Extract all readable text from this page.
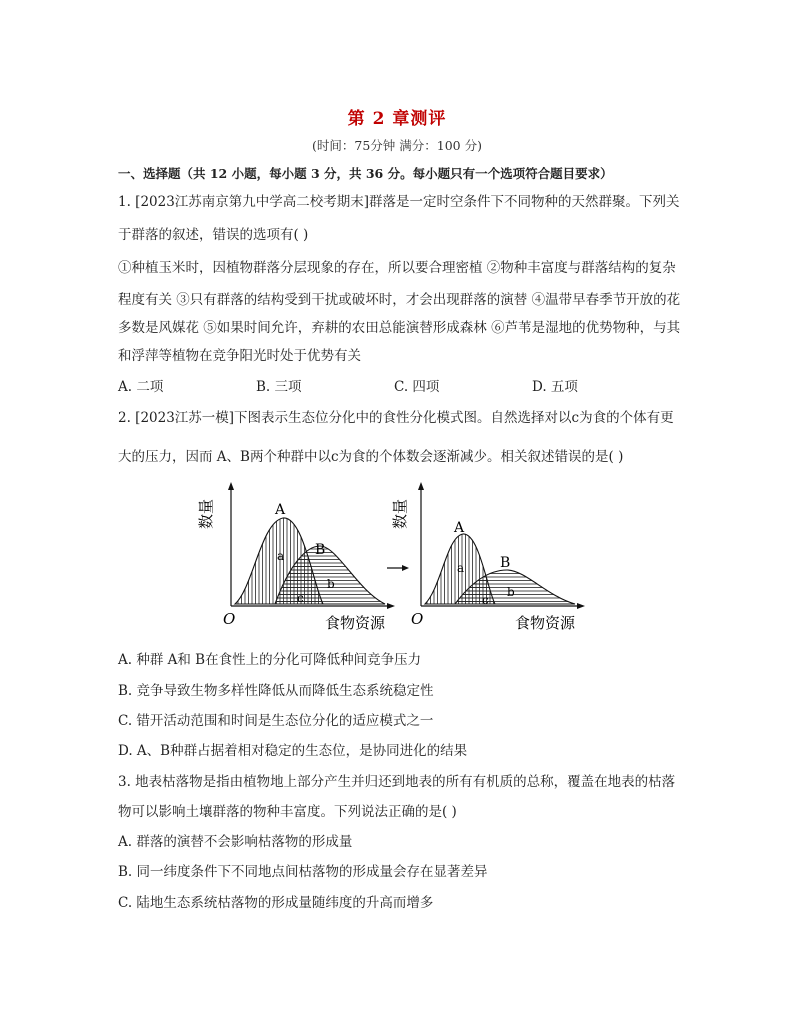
第 2 章测评
(时间：75分钟 满分：100 分)
一、选择题（共 12 小题，每小题 3 分，共 36 分。每小题只有一个选项符合题目要求）
1. [2023江苏南京第九中学高二校考期末]群落是一定时空条件下不同物种的天然群聚。下列关
于群落的叙述，错误的选项有( )
①种植玉米时，因植物群落分层现象的存在，所以要合理密植 ②物种丰富度与群落结构的复杂
程度有关 ③只有群落的结构受到干扰或破坏时，才会出现群落的演替 ④温带早春季节开放的花
多数是风媒花 ⑤如果时间允许，弃耕的农田总能演替形成森林 ⑥芦苇是湿地的优势物种，与其
和浮萍等植物在竞争阳光时处于优势有关
A. 二项	B. 三项	C. 四项	D. 五项
2. [2023江苏一模]下图表示生态位分化中的食性分化模式图。自然选择对以c为食的个体有更
大的压力，因而 A、B两个种群中以c为食的个体数会逐渐减少。相关叙述错误的是( )
数量
O	食物资源
A
B
a
b
c
数量
O	食物资源
A
B
a
b
c
A. 种群 A和 B在食性上的分化可降低种间竞争压力
B. 竞争导致生物多样性降低从而降低生态系统稳定性
C. 错开活动范围和时间是生态位分化的适应模式之一
D. A、B种群占据着相对稳定的生态位，是协同进化的结果
3. 地表枯落物是指由植物地上部分产生并归还到地表的所有有机质的总称，覆盖在地表的枯落
物可以影响土壤群落的物种丰富度。下列说法正确的是( )
A. 群落的演替不会影响枯落物的形成量
B. 同一纬度条件下不同地点间枯落物的形成量会存在显著差异
C. 陆地生态系统枯落物的形成量随纬度的升高而增多
